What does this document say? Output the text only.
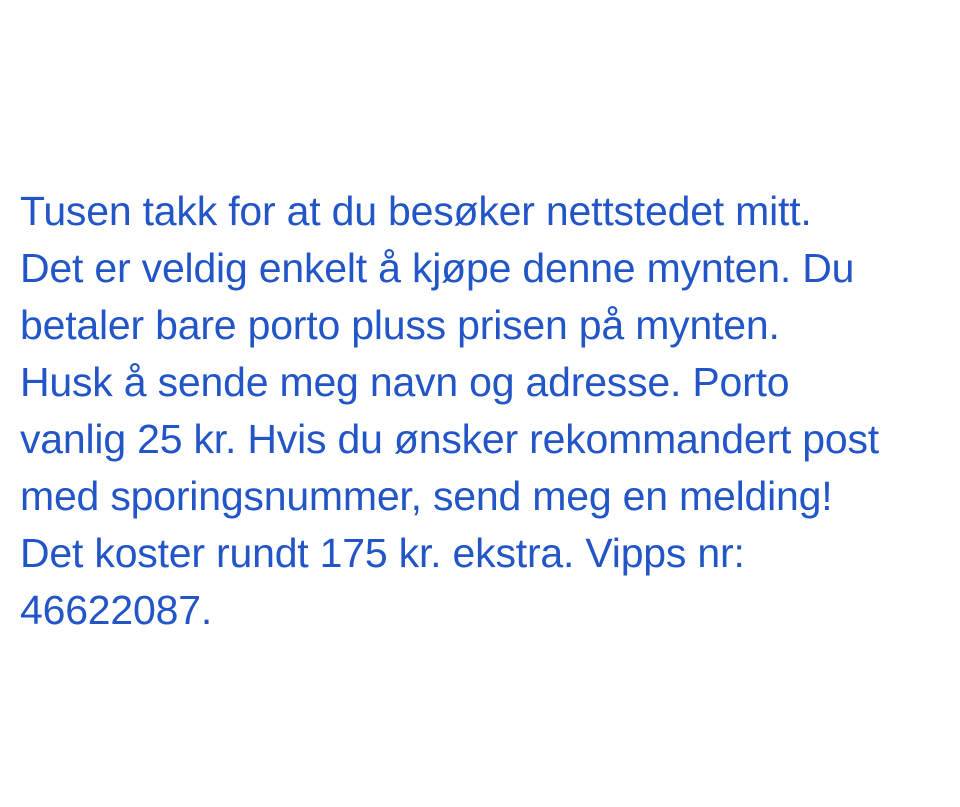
Tusen takk for at du besøker nettstedet mitt.

Det er veldig enkelt å kjøpe denne mynten. Du

betaler bare porto pluss prisen på mynten.

Husk å sende meg navn og adresse. Porto

vanlig 25 kr. Hvis du ønsker rekommandert post

med sporingsnummer, send meg en melding!

Det koster rundt 175 kr. ekstra. Vipps nr:

46622087.
